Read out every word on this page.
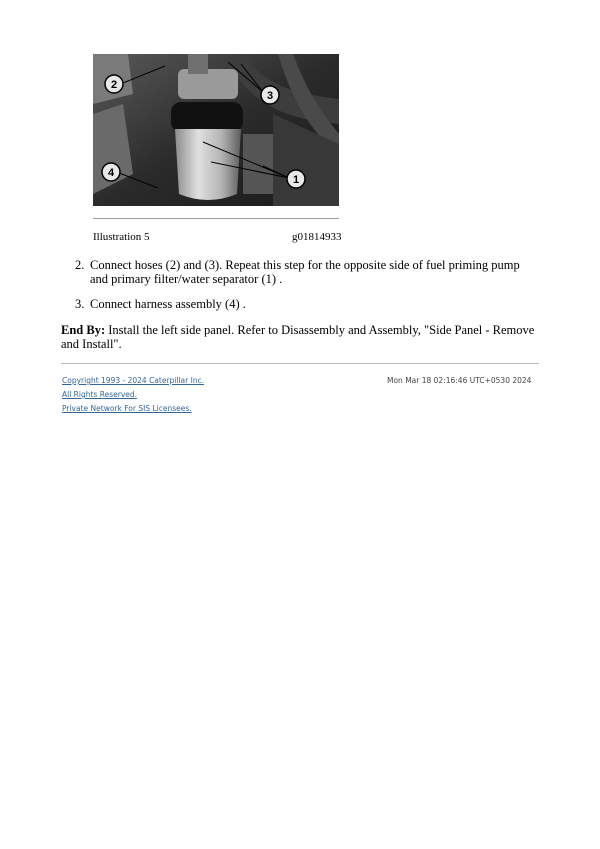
2
3
1
4
Illustration 5	g01814933
2. Connect hoses (2) and (3). Repeat this step for the opposite side of fuel priming pump and primary filter/water separator (1) .
3. Connect harness assembly (4) .
End By: Install the left side panel. Refer to Disassembly and Assembly, "Side Panel - Remove and Install".
Copyright 1993 - 2024 Caterpillar Inc.
All Rights Reserved.
Private Network For SIS Licensees.
Mon Mar 18 02:16:46 UTC+0530 2024
